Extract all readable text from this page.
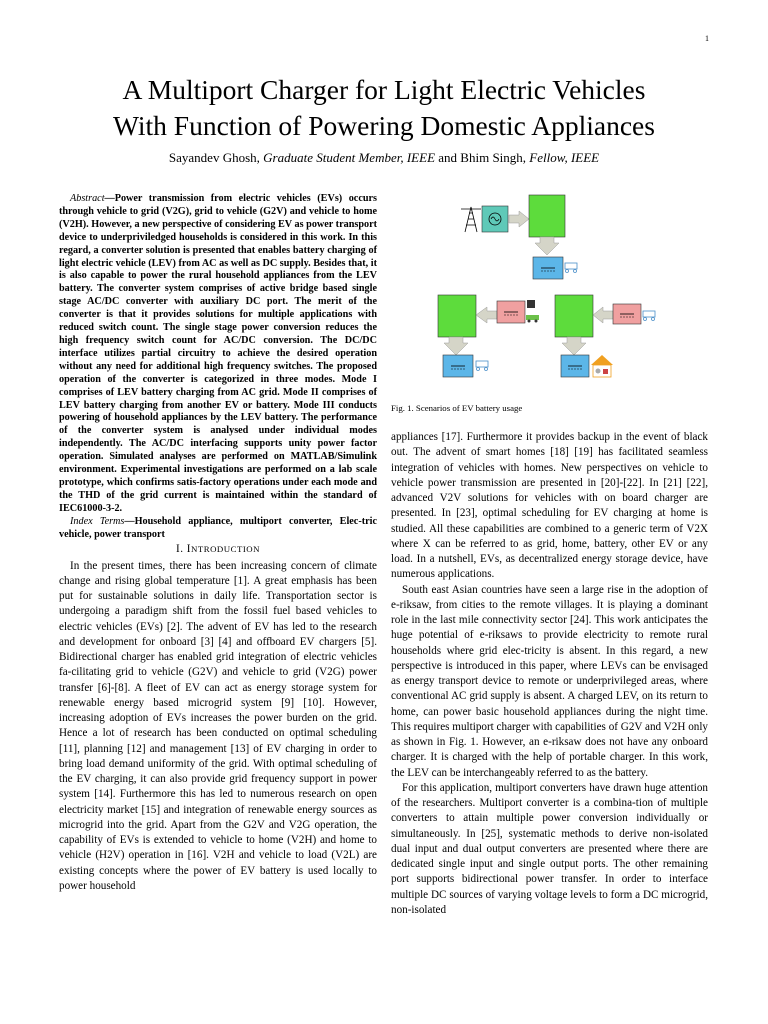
1
A Multiport Charger for Light Electric Vehicles
With Function of Powering Domestic Appliances
Sayandev Ghosh, Graduate Student Member, IEEE and Bhim Singh, Fellow, IEEE

Abstract—Power transmission from electric vehicles (EVs) occurs through vehicle to grid (V2G), grid to vehicle (G2V) and vehicle to home (V2H). However, a new perspective of considering EV as power transport device to underpriviledged households is considered in this work. In this regard, a converter solution is presented that enables battery charging of light electric vehicle (LEV) from AC as well as DC supply. Besides that, it is also capable to power the rural household appliances from the LEV battery. The converter system comprises of active bridge based single stage AC/DC converter with auxiliary DC port. The merit of the converter is that it provides solutions for multiple applications with reduced switch count. The single stage power conversion reduces the high frequency switch count for AC/DC conversion. The DC/DC interface utilizes partial circuitry to achieve the desired operation without any need for additional high frequency switches. The proposed operation of the converter is categorized in three modes. Mode I comprises of LEV battery charging from AC grid. Mode II comprises of LEV battery charging from another EV or battery. Mode III conducts powering of household appliances by the LEV battery. The performance of the converter system is analysed under individual modes independently. The AC/DC interfacing supports unity power factor operation. Simulated analyses are performed on MATLAB/Simulink environment. Experimental investigations are performed on a lab scale prototype, which confirms satis-factory operations under each mode and the THD of the grid current is maintained within the standard of IEC61000-3-2.

Index Terms—Household appliance, multiport converter, Elec-tric vehicle, power transport

I. INTRODUCTION

In the present times, there has been increasing concern of climate change and rising global temperature [1]. A great emphasis has been put for sustainable solutions in daily life. Transportation sector is undergoing a paradigm shift from the fossil fuel based vehicles to electric vehicles (EVs) [2]. The advent of EV has led to the research and development for onboard [3] [4] and offboard EV chargers [5]. Bidirectional charger has enabled grid integration of electric vehicles fa-cilitating grid to vehicle (G2V) and vehicle to grid (V2G) power transfer [6]-[8]. A fleet of EV can act as energy storage system for renewable energy based microgrid system [9] [10]. However, increasing adoption of EVs increases the power burden on the grid. Hence a lot of research has been conducted on optimal scheduling [11], planning [12] and management [13] of EV charging in order to bring load demand uniformity of the grid. With optimal scheduling of the EV charging, it can also provide grid frequency support in power system [14]. Furthermore this has led to numerous research on open electricity market [15] and integration of renewable energy sources as microgrid into the grid. Apart from the G2V and V2G operation, the capability of EVs is extended to vehicle to home (V2H) and home to vehicle (H2V) operation in [16]. V2H and vehicle to load (V2L) are existing concepts where the power of EV battery is used locally to power household

Fig. 1. Scenarios of EV battery usage

appliances [17]. Furthermore it provides backup in the event of black out. The advent of smart homes [18] [19] has facilitated seamless integration of vehicles with homes. New perspectives on vehicle to vehicle power transmission are presented in [20]-[22]. In [21] [22], advanced V2V solutions for vehicles with on board charger are presented. In [23], optimal scheduling for EV charging at home is studied. All these capabilities are combined to a generic term of V2X where X can be referred to as grid, home, battery, other EV or any load. In a nutshell, EVs, as decentralized energy storage device, have numerous applications.

South east Asian countries have seen a large rise in the adoption of e-riksaw, from cities to the remote villages. It is playing a dominant role in the last mile connectivity sector [24]. This work anticipates the huge potential of e-riksaws to provide electricity to remote rural households where grid elec-tricity is absent. In this regard, a new perspective is introduced in this paper, where LEVs can be envisaged as energy transport device to remote or underprivileged areas, where conventional AC grid supply is absent. A charged LEV, on its return to home, can power basic household appliances during the night time. This requires multiport charger with capabilities of G2V and V2H only as shown in Fig. 1. However, an e-riksaw does not have any onboard charger. It is charged with the help of portable charger. In this work, the LEV can be interchangeably referred to as the battery.

For this application, multiport converters have drawn huge attention of the researchers. Multiport converter is a combina-tion of multiple converters to attain multiple power conversion individually or simultaneously. In [25], systematic methods to derive non-isolated dual input and dual output converters are presented where there are dedicated single input and single output ports. The other remaining port supports bidirectional power transfer. In order to interface multiple DC sources of varying voltage levels to form a DC microgrid, non-isolated
